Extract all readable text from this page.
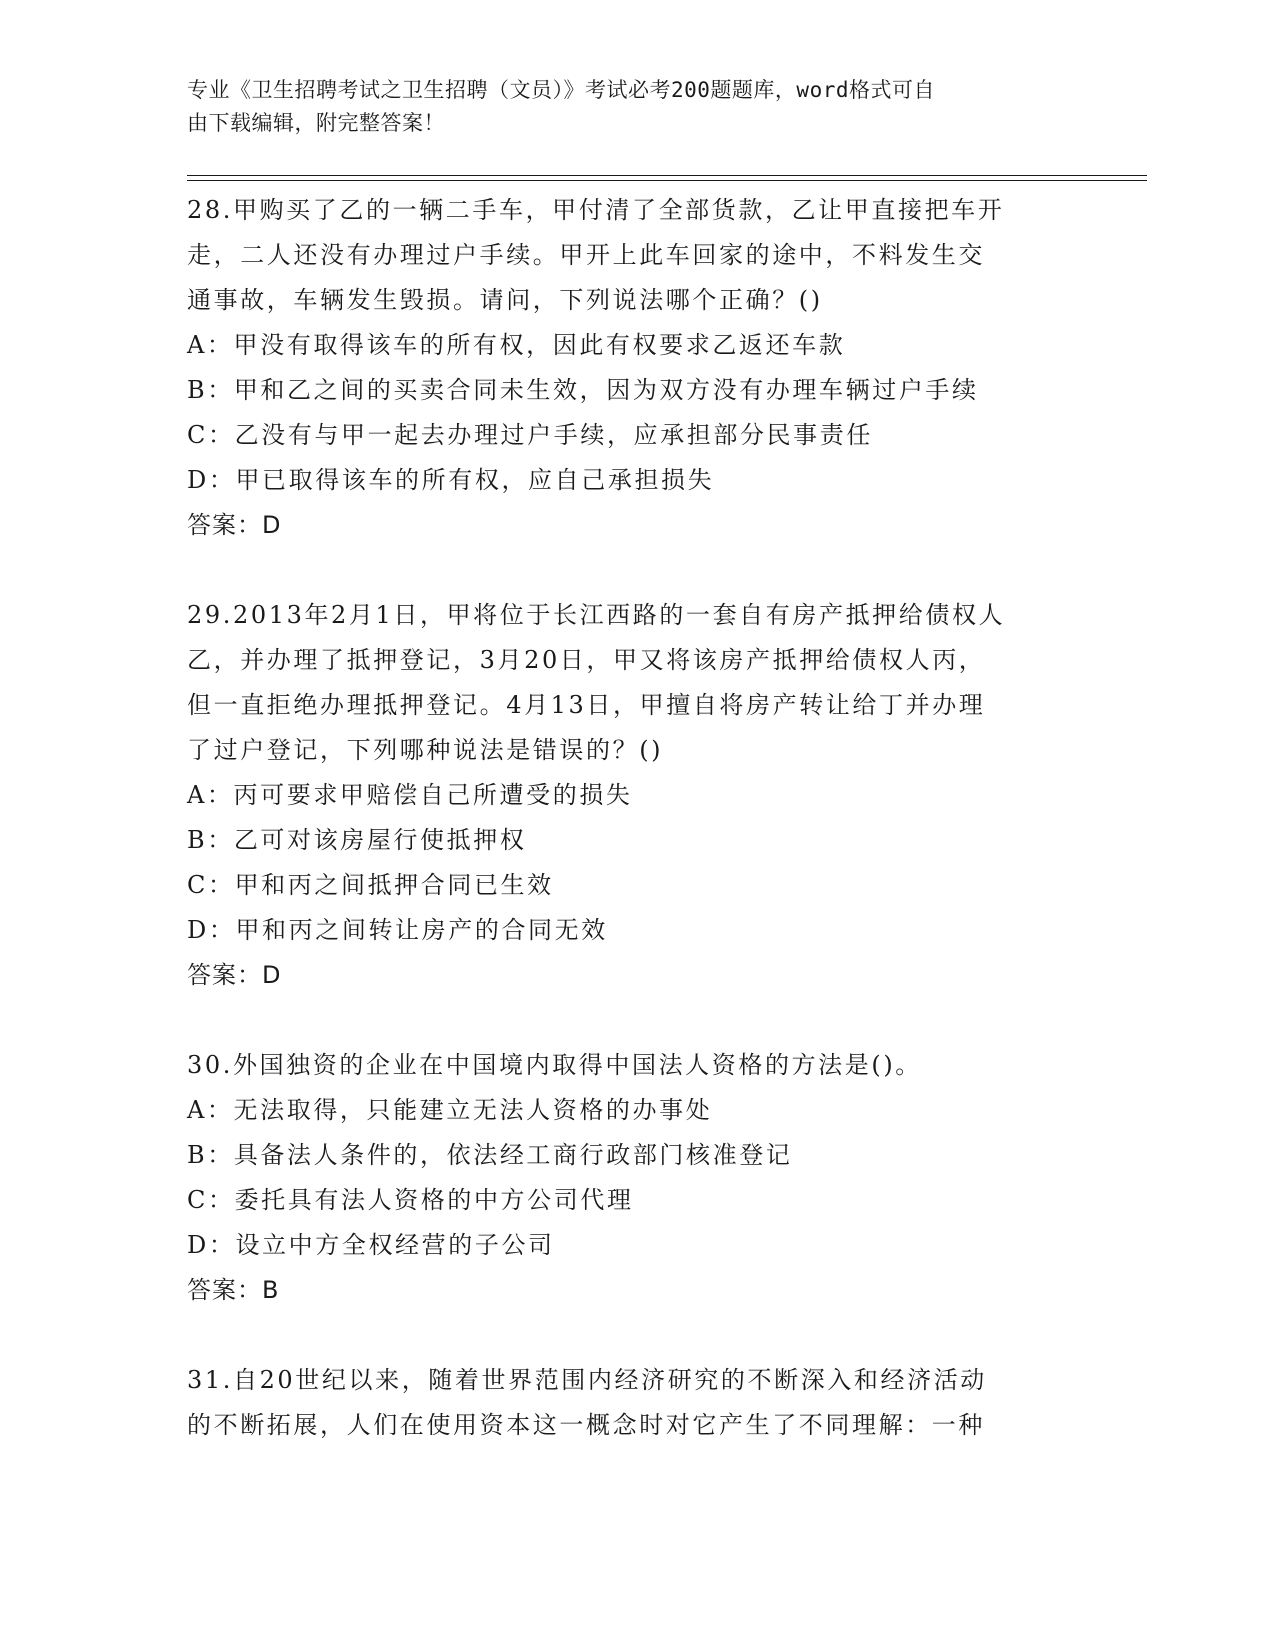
专业《卫生招聘考试之卫生招聘（文员）》考试必考200题题库，word格式可自
由下载编辑，附完整答案！

28.甲购买了乙的一辆二手车，甲付清了全部货款，乙让甲直接把车开

走，二人还没有办理过户手续。甲开上此车回家的途中，不料发生交

通事故，车辆发生毁损。请问，下列说法哪个正确？()

A：甲没有取得该车的所有权，因此有权要求乙返还车款

B：甲和乙之间的买卖合同未生效，因为双方没有办理车辆过户手续

C：乙没有与甲一起去办理过户手续，应承担部分民事责任

D：甲已取得该车的所有权，应自己承担损失

答案：D

29.2013年2月1日，甲将位于长江西路的一套自有房产抵押给债权人

乙，并办理了抵押登记，3月20日，甲又将该房产抵押给债权人丙，

但一直拒绝办理抵押登记。4月13日，甲擅自将房产转让给丁并办理

了过户登记，下列哪种说法是错误的？()

A：丙可要求甲赔偿自己所遭受的损失

B：乙可对该房屋行使抵押权

C：甲和丙之间抵押合同已生效

D：甲和丙之间转让房产的合同无效

答案：D

30.外国独资的企业在中国境内取得中国法人资格的方法是()。

A：无法取得，只能建立无法人资格的办事处

B：具备法人条件的，依法经工商行政部门核准登记

C：委托具有法人资格的中方公司代理

D：设立中方全权经营的子公司

答案：B

31.自20世纪以来，随着世界范围内经济研究的不断深入和经济活动

的不断拓展，人们在使用资本这一概念时对它产生了不同理解：一种
